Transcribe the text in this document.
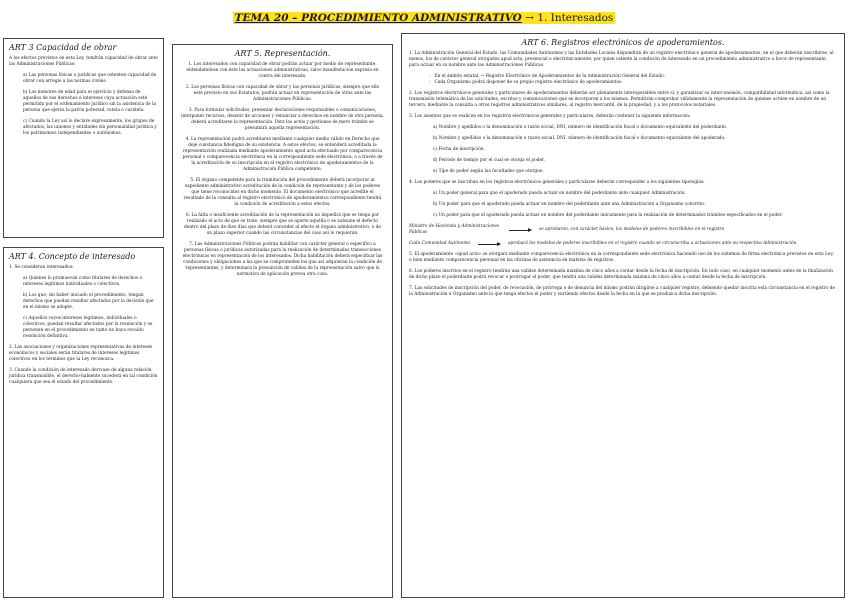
TEMA 20 – PROCEDIMIENTO ADMINISTRATIVO → 1. Interesados
ART 3 Capacidad de obrar

A los efectos previstos en esta Ley, tendrán capacidad de obrar ante las Administraciones Públicas:

a) Las personas físicas o jurídicas que ostenten capacidad de obrar con arreglo a las normas civiles.

b) Los menores de edad para el ejercicio y defensa de aquellos de sus derechos e intereses cuya actuación esté permitida por el ordenamiento jurídico sin la asistencia de la persona que ejerza la patria potestad, tutela o curatela.

c) Cuando la Ley así lo declare expresamente, los grupos de afectados, las uniones y entidades sin personalidad jurídica y los patrimonios independientes o autónomos.

ART 4. Concepto de interesado

1. Se consideran interesados:

a) Quienes lo promuevan como titulares de derechos o intereses legítimos individuales o colectivos.

b) Los que, sin haber iniciado el procedimiento, tengan derechos que puedan resultar afectados por la decisión que en el mismo se adopte.

c) Aquellos cuyos intereses legítimos, individuales o colectivos, puedan resultar afectados por la resolución y se personen en el procedimiento en tanto no haya recaído resolución definitiva.

2. Las asociaciones y organizaciones representativas de intereses económicos y sociales serán titulares de intereses legítimos colectivos en los términos que la Ley reconozca.

3. Cuando la condición de interesado derivase de alguna relación jurídica transmisible, el derecho-habiente sucederá en tal condición cualquiera que sea el estado del procedimiento.

ART 5. Representación.

1. Los interesados con capacidad de obrar podrán actuar por medio de representante, entendiéndose con éste las actuaciones administrativas, salvo manifestación expresa en contra del interesado.

2. Las personas físicas con capacidad de obrar y las personas jurídicas, siempre que ello esté previsto en sus Estatutos, podrán actuar en representación de otras ante las Administraciones Públicas.

3. Para formular solicitudes, presentar declaraciones responsables o comunicaciones, interponer recursos, desistir de acciones y renunciar a derechos en nombre de otra persona, deberá acreditarse la representación. Para los actos y gestiones de mero trámite se presumirá aquella representación.

4. La representación podrá acreditarse mediante cualquier medio válido en Derecho que deje constancia fidedigna de su existencia. A estos efectos, se entenderá acreditada la representación realizada mediante apoderamiento apud acta efectuado por comparecencia personal o comparecencia electrónica en la correspondiente sede electrónica, o a través de la acreditación de su inscripción en el registro electrónico de apoderamientos de la Administración Pública competente.

5. El órgano competente para la tramitación del procedimiento deberá incorporar al expediente administrativo acreditación de la condición de representante y de los poderes que tiene reconocidos en dicho momento. El documento electrónico que acredite el resultado de la consulta al registro electrónico de apoderamientos correspondiente tendrá la condición de acreditación a estos efectos.

6. La falta o insuficiente acreditación de la representación no impedirá que se tenga por realizado el acto de que se trate, siempre que se aporte aquélla o se subsane el defecto dentro del plazo de diez días que deberá conceder al efecto el órgano administrativo, o de un plazo superior cuando las circunstancias del caso así lo requieran.

7. Las Administraciones Públicas podrán habilitar con carácter general o específico a personas físicas o jurídicas autorizadas para la realización de determinadas transacciones electrónicas en representación de los interesados. Dicha habilitación deberá especificar las condiciones y obligaciones a las que se comprometen los que así adquieran la condición de representantes, y determinará la presunción de validez de la representación salvo que la normativa de aplicación prevea otra cosa.

ART 6. Registros electrónicos de apoderamientos.

1. La Administración General del Estado, las Comunidades Autónomas y las Entidades Locales dispondrán de un registro electrónico general de apoderamientos, en el que deberán inscribirse, al menos, los de carácter general otorgados apud acta, presencial o electrónicamente, por quien ostente la condición de interesado en un procedimiento administrativo a favor de representante, para actuar en su nombre ante las Administraciones Públicas.

- En el ámbito estatal, → Registro Electrónico de Apoderamientos de la Administración General del Estado.
- Cada Organismo podrá disponer de su propio registro electrónico de apoderamientos.

2. Los registros electrónicos generales y particulares de apoderamientos deberán ser plenamente interoperables entre sí, y garantizar su interconexión, compatibilidad informática, así como la transmisión telemática de las solicitudes, escritos y comunicaciones que se incorporen a los mismos. Permitirán comprobar válidamente la representación de quienes actúen en nombre de un tercero, mediante la consulta a otros registros administrativos similares, al registro mercantil, de la propiedad, y a los protocolos notariales.

3. Los asientos que se realicen en los registros electrónicos generales y particulares, deberán contener la siguiente información:

a) Nombre y apellidos o la denominación o razón social, DNI, número de identificación fiscal o documento equivalente del poderdante.

b) Nombre y apellidos o la denominación o razón social, DNI, número de identificación fiscal o documento equivalente del apoderado.

c) Fecha de inscripción.

d) Período de tiempo por el cual se otorga el poder.

e) Tipo de poder según las facultades que otorgue.

4. Los poderes que se inscriban en los registros electrónicos generales y particulares deberán corresponder a los siguientes tipologías:

a) Un poder general para que el apoderado pueda actuar en nombre del poderdante ante cualquier Administración.

b) Un poder para que el apoderado pueda actuar en nombre del poderdante ante una Administración u Organismo concreto.

c) Un poder para que el apoderado pueda actuar en nombre del poderdante únicamente para la realización de determinados trámites especificados en el poder.

Ministro de Hacienda y Administraciones Públicas
se aprobarán, con carácter básico, los modelos de poderes inscribibles en el registro
Cada Comunidad Autónoma	aprobará los modelos de poderes inscribibles en el registro cuando se circunscriba a actuaciones ante su respectiva Administración.

5. El apoderamiento «apud acta» se otorgará mediante comparecencia electrónica en la correspondiente sede electrónica haciendo uso de los sistemas de firma electrónica previstos en esta Ley, o bien mediante comparecencia personal en las oficinas de asistencia en materia de registros.

6. Los poderes inscritos en el registro tendrán una validez determinada máxima de cinco años a contar desde la fecha de inscripción. En todo caso, en cualquier momento antes de la finalización de dicho plazo el poderdante podrá revocar o prorrogar el poder, que tendrá una validez determinada máxima de cinco años a contar desde la fecha de inscripción.

7. Las solicitudes de inscripción del poder, de revocación, de prórroga o de denuncia del mismo podrán dirigirse a cualquier registro, debiendo quedar inscrita esta circunstancia en el registro de la Administración u Organismo ante la que tenga efectos el poder y surtiendo efectos desde la fecha en la que se produzca dicha inscripción.
